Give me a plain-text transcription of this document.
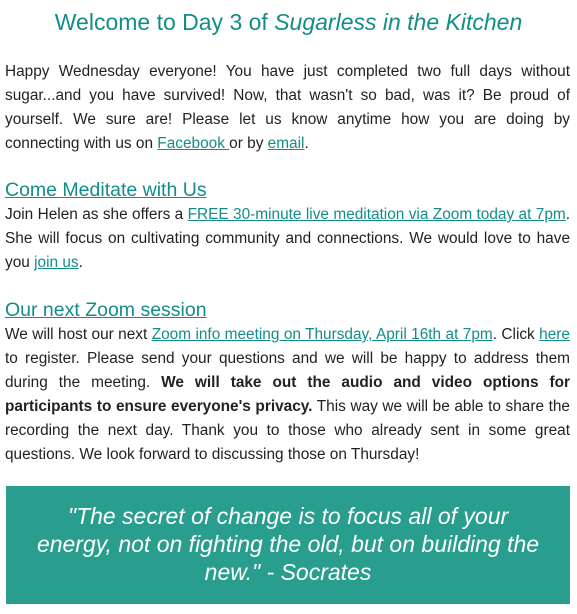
Welcome to Day 3 of Sugarless in the Kitchen

Happy Wednesday everyone! You have just completed two full days without sugar...and you have survived! Now, that wasn't so bad, was it? Be proud of yourself. We sure are! Please let us know anytime how you are doing by connecting with us on Facebook or by email.

Come Meditate with Us

Join Helen as she offers a FREE 30-minute live meditation via Zoom today at 7pm. She will focus on cultivating community and connections. We would love to have you join us.

Our next Zoom session

We will host our next Zoom info meeting on Thursday, April 16th at 7pm. Click here to register. Please send your questions and we will be happy to address them during the meeting. We will take out the audio and video options for participants to ensure everyone's privacy. This way we will be able to share the recording the next day. Thank you to those who already sent in some great questions. We look forward to discussing those on Thursday!

"The secret of change is to focus all of your
energy, not on fighting the old, but on building the
new." - Socrates
